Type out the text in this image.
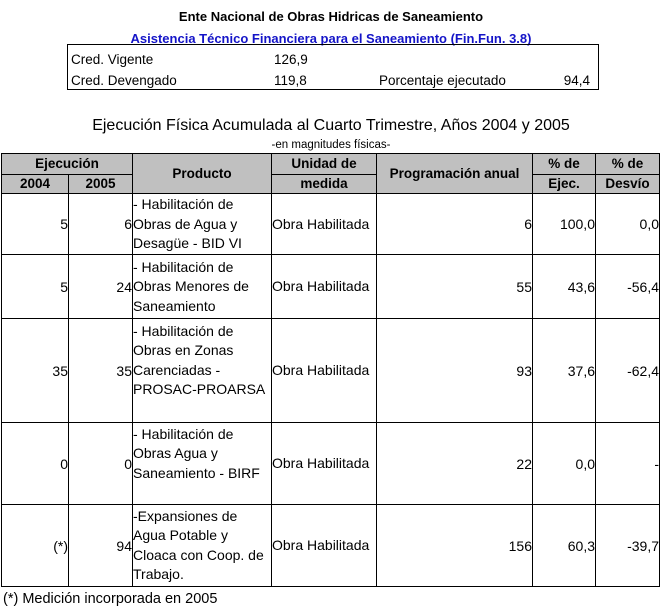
Ente Nacional de Obras Hidricas de Saneamiento
Asistencia Técnico Financiera para el Saneamiento (Fin.Fun. 3.8)
Cred. Vigente	126,9
Cred. Devengado	119,8	Porcentaje ejecutado	94,4
Ejecución Física Acumulada al Cuarto Trimestre, Años 2004 y 2005
-en magnitudes físicas-
Ejecución		Producto	Unidad de	Programación anual	% de	% de
2004	2005		medida		Ejec.	Desvío
5	6	- Habilitación de Obras de Agua y Desagüe - BID VI	Obra Habilitada	6	100,0	0,0
5	24	- Habilitación de Obras Menores de Saneamiento	Obra Habilitada	55	43,6	-56,4
35	35	- Habilitación de Obras en Zonas Carenciadas - PROSAC-PROARSA	Obra Habilitada	93	37,6	-62,4
0	0	- Habilitación de Obras Agua y Saneamiento - BIRF	Obra Habilitada	22	0,0	-
(*)	94	-Expansiones de Agua Potable y Cloaca con Coop. de Trabajo.	Obra Habilitada	156	60,3	-39,7
(*) Medición incorporada en 2005
